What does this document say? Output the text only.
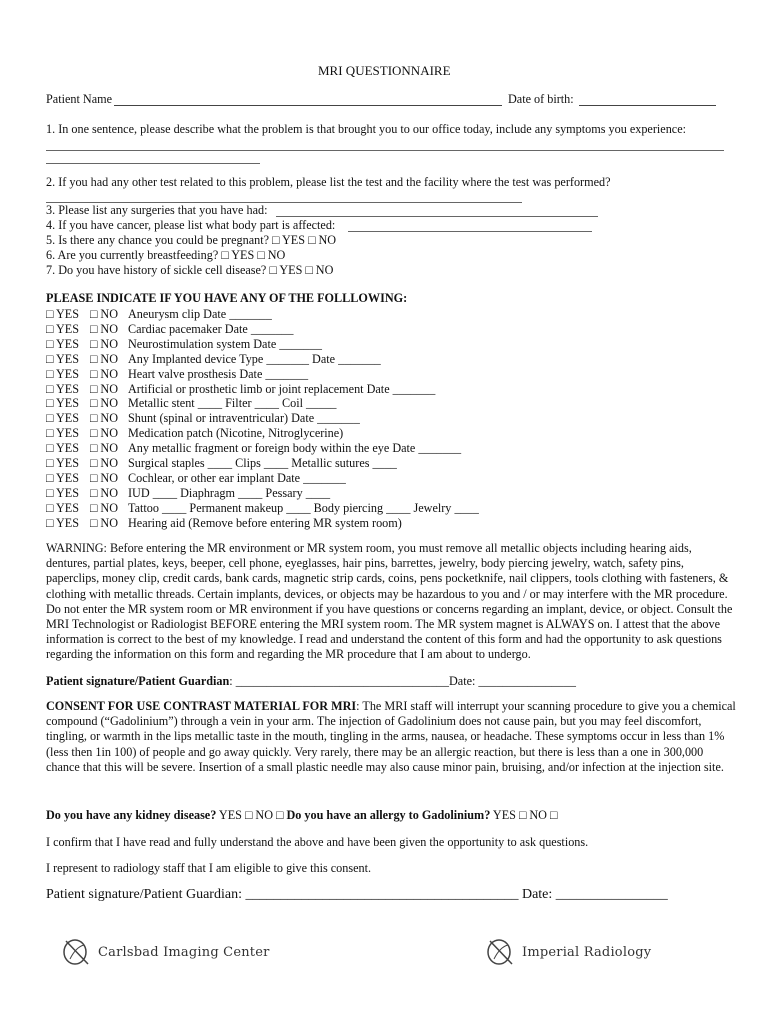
MRI QUESTIONNAIRE
Patient Name	Date of birth:
1. In one sentence, please describe what the problem is that brought you to our office today, include any symptoms you experience:
2. If you had any other test related to this problem, please list the test and the facility where the test was performed?
3. Please list any surgeries that you have had:
4. If you have cancer, please list what body part is affected:
5. Is there any chance you could be pregnant? □ YES □ NO
6. Are you currently breastfeeding? □ YES □ NO
7. Do you have history of sickle cell disease? □ YES □ NO
PLEASE INDICATE IF YOU HAVE ANY OF THE FOLLLOWING:
□ YES □ NO Aneurysm clip Date _______
□ YES □ NO Cardiac pacemaker Date _______
□ YES □ NO Neurostimulation system Date _______
□ YES □ NO Any Implanted device Type _______ Date _______
□ YES □ NO Heart valve prosthesis Date _______
□ YES □ NO Artificial or prosthetic limb or joint replacement Date _______
□ YES □ NO Metallic stent ____ Filter ____ Coil _____
□ YES □ NO Shunt (spinal or intraventricular) Date _______
□ YES □ NO Medication patch (Nicotine, Nitroglycerine)
□ YES □ NO Any metallic fragment or foreign body within the eye Date _______
□ YES □ NO Surgical staples ____ Clips ____ Metallic sutures ____
□ YES □ NO Cochlear, or other ear implant Date _______
□ YES □ NO IUD ____ Diaphragm ____ Pessary ____
□ YES □ NO Tattoo ____ Permanent makeup ____ Body piercing ____ Jewelry ____
□ YES □ NO Hearing aid (Remove before entering MR system room)
WARNING: Before entering the MR environment or MR system room, you must remove all metallic objects including hearing aids, dentures, partial plates, keys, beeper, cell phone, eyeglasses, hair pins, barrettes, jewelry, body piercing jewelry, watch, safety pins, paperclips, money clip, credit cards, bank cards, magnetic strip cards, coins, pens pocketknife, nail clippers, tools clothing with fasteners, & clothing with metallic threads. Certain implants, devices, or objects may be hazardous to you and / or may interfere with the MR procedure. Do not enter the MR system room or MR environment if you have questions or concerns regarding an implant, device, or object. Consult the MRI Technologist or Radiologist BEFORE entering the MRI system room. The MR system magnet is ALWAYS on. I attest that the above information is correct to the best of my knowledge. I read and understand the content of this form and had the opportunity to ask questions regarding the information on this form and regarding the MR procedure that I am about to undergo.
Patient signature/Patient Guardian: ___________________________________Date: ________________
CONSENT FOR USE CONTRAST MATERIAL FOR MRI: The MRI staff will interrupt your scanning procedure to give you a chemical compound (“Gadolinium”) through a vein in your arm. The injection of Gadolinium does not cause pain, but you may feel discomfort, tingling, or warmth in the lips metallic taste in the mouth, tingling in the arms, nausea, or headache. These symptoms occur in less than 1% (less then 1in 100) of people and go away quickly. Very rarely, there may be an allergic reaction, but there is less than a one in 300,000 chance that this will be severe. Insertion of a small plastic needle may also cause minor pain, bruising, and/or infection at the injection site.
Do you have any kidney disease? YES □ NO □ Do you have an allergy to Gadolinium? YES □ NO □
I confirm that I have read and fully understand the above and have been given the opportunity to ask questions.
I represent to radiology staff that I am eligible to give this consent.
Patient signature/Patient Guardian: _______________________________________ Date: ________________
Carlsbad Imaging Center	Imperial Radiology
